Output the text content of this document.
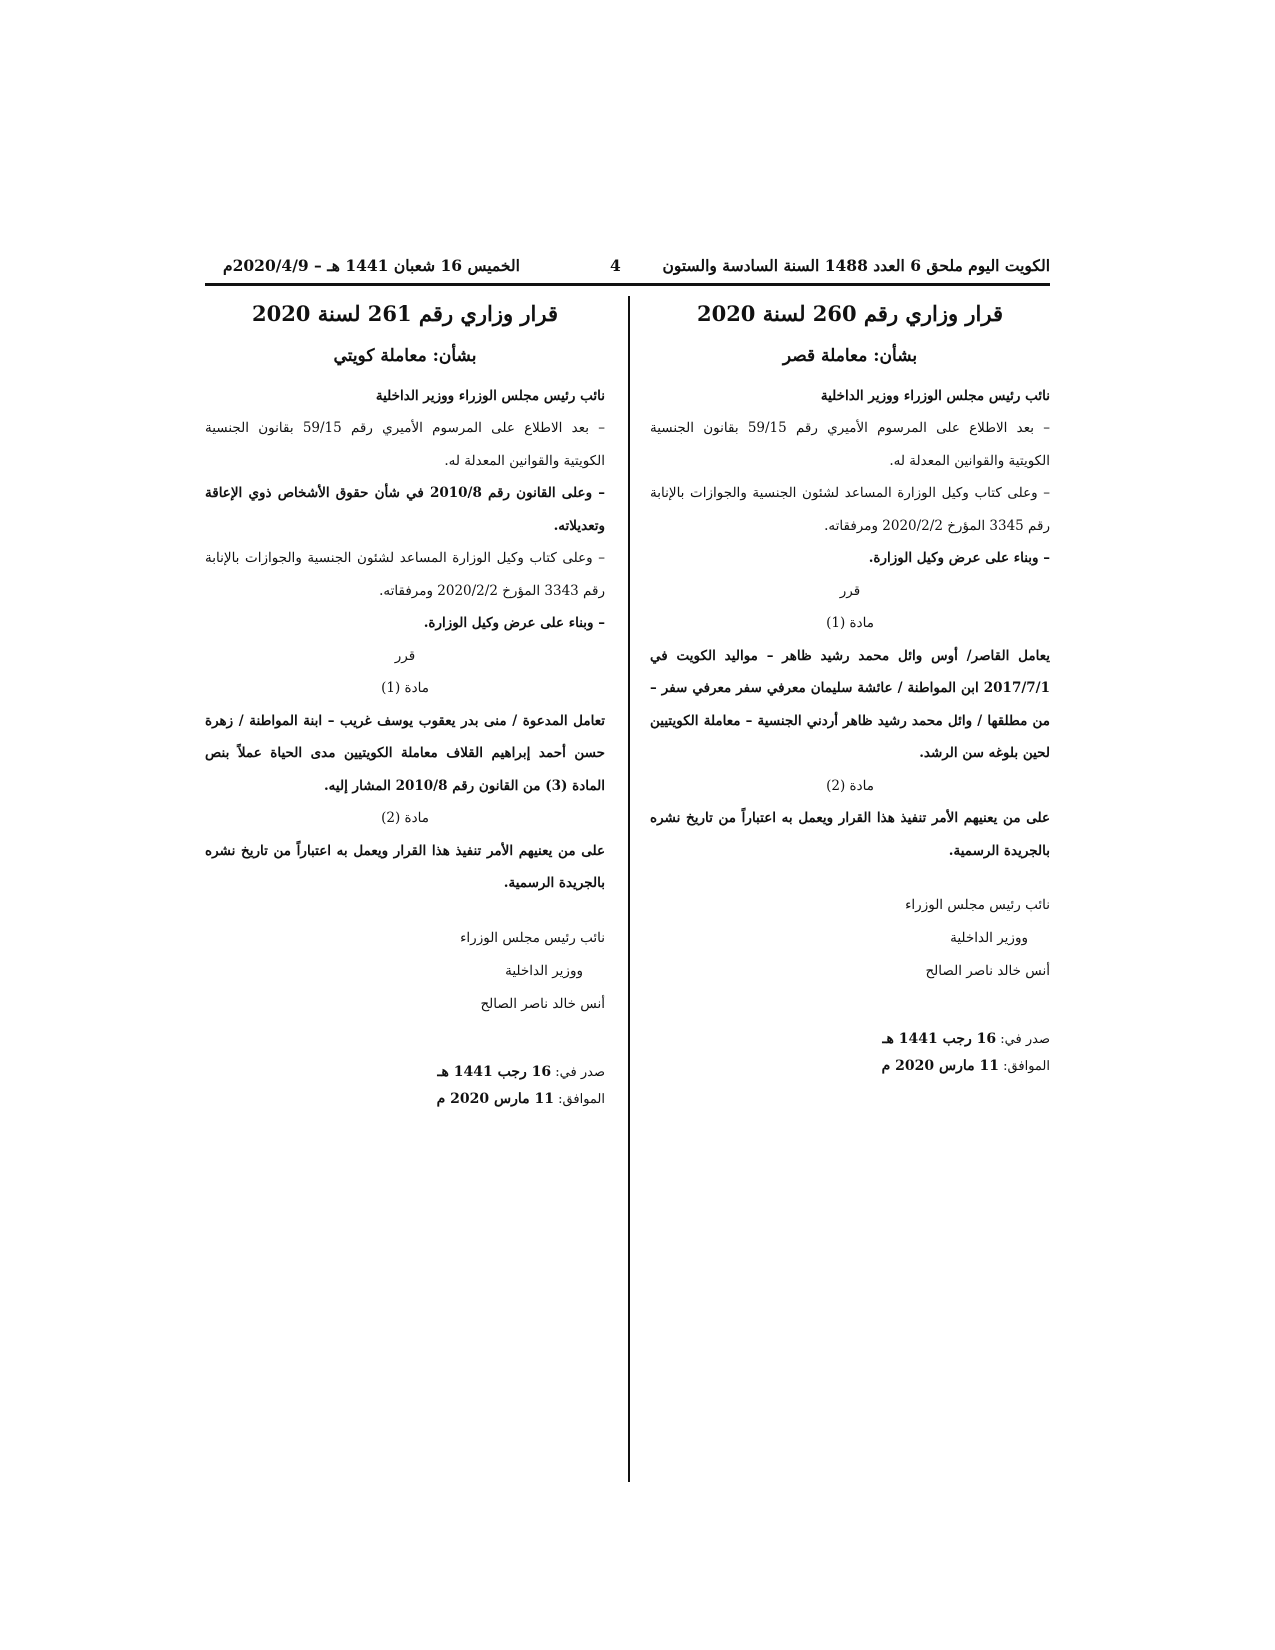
الكويت اليوم ملحق 6 العدد 1488 السنة السادسة والستون
4
الخميس 16 شعبان 1441 هـ – 2020/4/9م
قرار وزاري رقم 260 لسنة 2020
بشأن: معاملة قصر
نائب رئيس مجلس الوزراء ووزير الداخلية
– بعد الاطلاع على المرسوم الأميري رقم 59/15 بقانون الجنسية الكويتية والقوانين المعدلة له.
– وعلى كتاب وكيل الوزارة المساعد لشئون الجنسية والجوازات بالإنابة رقم 3345 المؤرخ 2020/2/2 ومرفقاته.
– وبناء على عرض وكيل الوزارة.
قرر
مادة (1)
يعامل القاصر/ أوس وائل محمد رشيد ظاهر – مواليد الكويت في 2017/7/1 ابن المواطنة / عائشة سليمان معرفي سفر معرفي سفر – من مطلقها / وائل محمد رشيد ظاهر أردني الجنسية – معاملة الكويتيين لحين بلوغه سن الرشد.
مادة (2)
على من يعنيهم الأمر تنفيذ هذا القرار ويعمل به اعتباراً من تاريخ نشره بالجريدة الرسمية.
نائب رئيس مجلس الوزراء
ووزير الداخلية
أنس خالد ناصر الصالح
صدر في: 16 رجب 1441 هـ
الموافق: 11 مارس 2020 م
قرار وزاري رقم 261 لسنة 2020
بشأن: معاملة كويتي
نائب رئيس مجلس الوزراء ووزير الداخلية
– بعد الاطلاع على المرسوم الأميري رقم 59/15 بقانون الجنسية الكويتية والقوانين المعدلة له.
– وعلى القانون رقم 2010/8 في شأن حقوق الأشخاص ذوي الإعاقة وتعديلاته.
– وعلى كتاب وكيل الوزارة المساعد لشئون الجنسية والجوازات بالإنابة رقم 3343 المؤرخ 2020/2/2 ومرفقاته.
– وبناء على عرض وكيل الوزارة.
قرر
مادة (1)
تعامل المدعوة / منى بدر يعقوب يوسف غريب – ابنة المواطنة / زهرة حسن أحمد إبراهيم القلاف معاملة الكويتيين مدى الحياة عملاً بنص المادة (3) من القانون رقم 2010/8 المشار إليه.
مادة (2)
على من يعنيهم الأمر تنفيذ هذا القرار ويعمل به اعتباراً من تاريخ نشره بالجريدة الرسمية.
نائب رئيس مجلس الوزراء
ووزير الداخلية
أنس خالد ناصر الصالح
صدر في: 16 رجب 1441 هـ
الموافق: 11 مارس 2020 م
